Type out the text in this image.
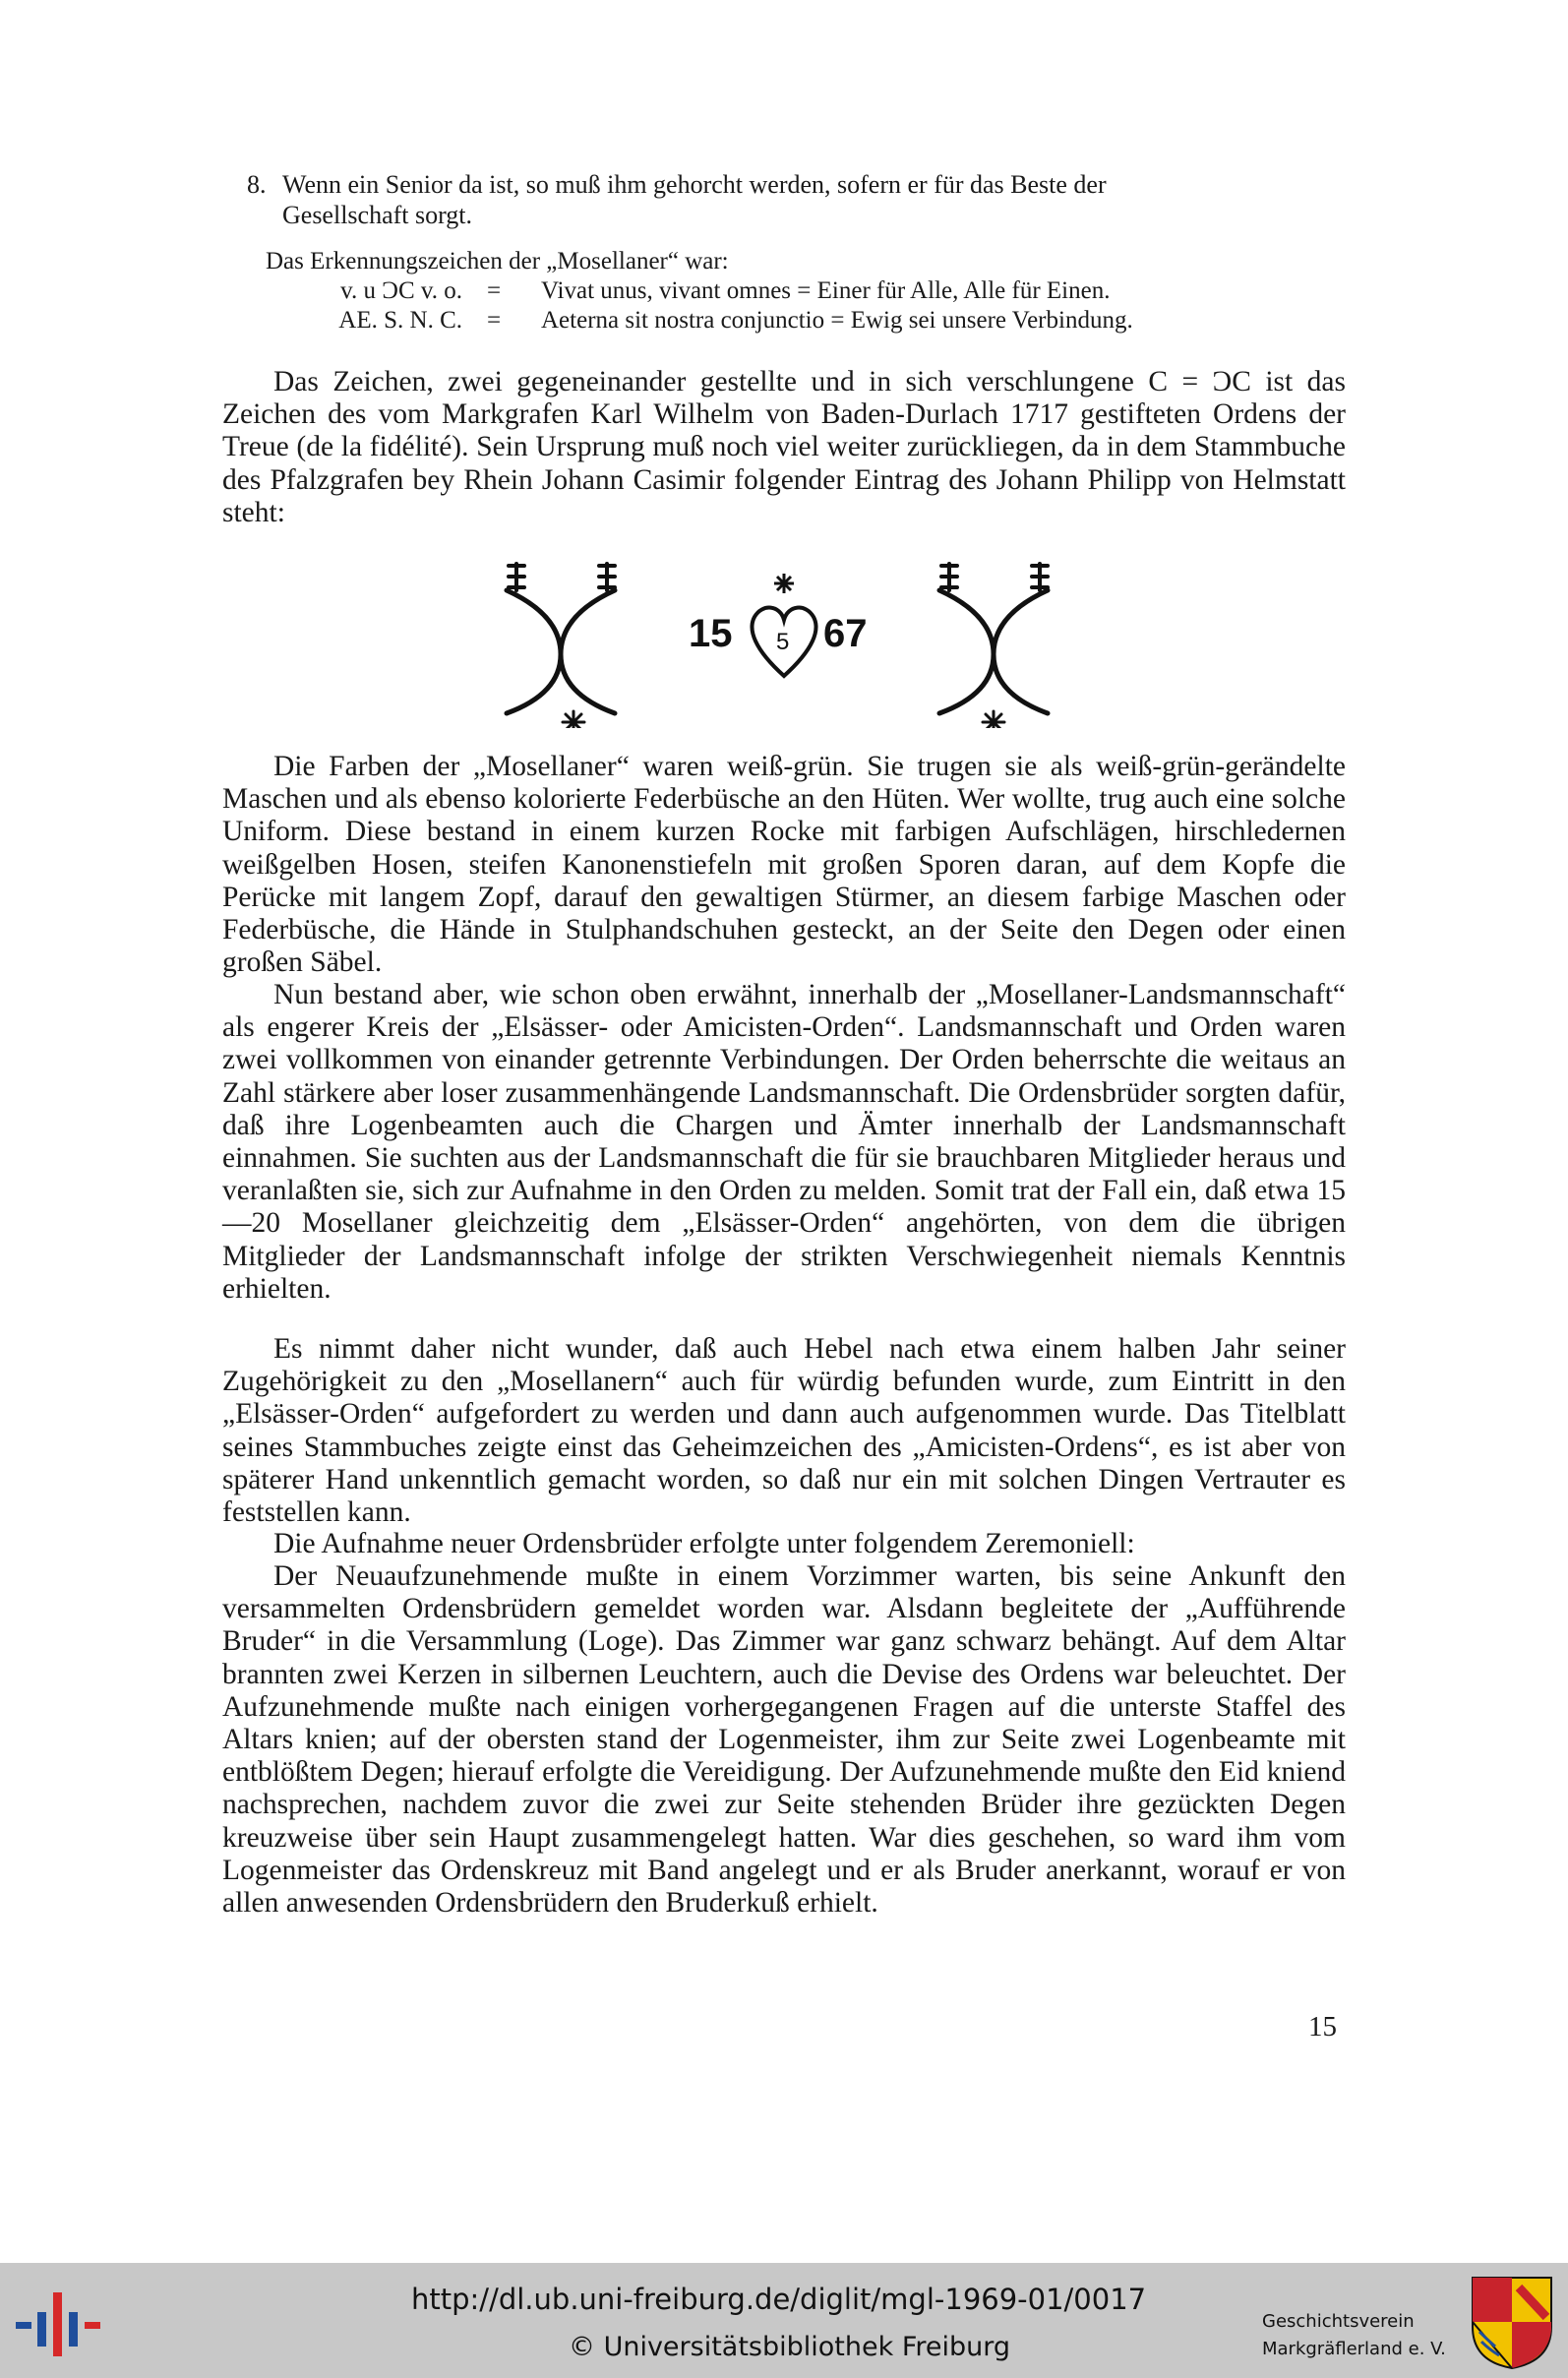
8. Wenn ein Senior da ist, so muß ihm gehorcht werden, sofern er für das Beste der
Gesellschaft sorgt.
Das Erkennungszeichen der „Mosellaner“ war:
v. u ƆC v. o. = Vivat unus, vivant omnes = Einer für Alle, Alle für Einen.
AE. S. N. C. = Aeterna sit nostra conjunctio = Ewig sei unsere Verbindung.

Das Zeichen, zwei gegeneinander gestellte und in sich verschlungene C = ƆC ist das Zeichen des vom Markgrafen Karl Wilhelm von Baden-Durlach 1717 gestifteten Ordens der Treue (de la fidélité). Sein Ursprung muß noch viel weiter zurückliegen, da in dem Stammbuche des Pfalzgrafen bey Rhein Johann Casimir folgender Eintrag des Johann Philipp von Helmstatt steht:

15 5 67

Die Farben der „Mosellaner“ waren weiß-grün. Sie trugen sie als weiß-grün-gerändelte Maschen und als ebenso kolorierte Federbüsche an den Hüten. Wer wollte, trug auch eine solche Uniform. Diese bestand in einem kurzen Rocke mit farbigen Aufschlägen, hirschledernen weißgelben Hosen, steifen Kanonenstiefeln mit großen Sporen daran, auf dem Kopfe die Perücke mit langem Zopf, darauf den gewaltigen Stürmer, an diesem farbige Maschen oder Federbüsche, die Hände in Stulphandschuhen gesteckt, an der Seite den Degen oder einen großen Säbel.

Nun bestand aber, wie schon oben erwähnt, innerhalb der „Mosellaner-Landsmannschaft“ als engerer Kreis der „Elsässer- oder Amicisten-Orden“. Landsmannschaft und Orden waren zwei vollkommen von einander getrennte Verbindungen. Der Orden beherrschte die weitaus an Zahl stärkere aber loser zusammenhängende Landsmannschaft. Die Ordensbrüder sorgten dafür, daß ihre Logenbeamten auch die Chargen und Ämter innerhalb der Landsmannschaft einnahmen. Sie suchten aus der Landsmannschaft die für sie brauchbaren Mitglieder heraus und veranlaßten sie, sich zur Aufnahme in den Orden zu melden. Somit trat der Fall ein, daß etwa 15—20 Mosellaner gleichzeitig dem „Elsässer-Orden“ angehörten, von dem die übrigen Mitglieder der Landsmannschaft infolge der strikten Verschwiegenheit niemals Kenntnis erhielten.

Es nimmt daher nicht wunder, daß auch Hebel nach etwa einem halben Jahr seiner Zugehörigkeit zu den „Mosellanern“ auch für würdig befunden wurde, zum Eintritt in den „Elsässer-Orden“ aufgefordert zu werden und dann auch aufgenommen wurde. Das Titelblatt seines Stammbuches zeigte einst das Geheimzeichen des „Amicisten-Ordens“, es ist aber von späterer Hand unkenntlich gemacht worden, so daß nur ein mit solchen Dingen Vertrauter es feststellen kann.

Die Aufnahme neuer Ordensbrüder erfolgte unter folgendem Zeremoniell:

Der Neuaufzunehmende mußte in einem Vorzimmer warten, bis seine Ankunft den versammelten Ordensbrüdern gemeldet worden war. Alsdann begleitete der „Aufführende Bruder“ in die Versammlung (Loge). Das Zimmer war ganz schwarz behängt. Auf dem Altar brannten zwei Kerzen in silbernen Leuchtern, auch die Devise des Ordens war beleuchtet. Der Aufzunehmende mußte nach einigen vorhergegangenen Fragen auf die unterste Staffel des Altars knien; auf der obersten stand der Logenmeister, ihm zur Seite zwei Logenbeamte mit entblößtem Degen; hierauf erfolgte die Vereidigung. Der Aufzunehmende mußte den Eid kniend nachsprechen, nachdem zuvor die zwei zur Seite stehenden Brüder ihre gezückten Degen kreuzweise über sein Haupt zusammengelegt hatten. War dies geschehen, so ward ihm vom Logenmeister das Ordenskreuz mit Band angelegt und er als Bruder anerkannt, worauf er von allen anwesenden Ordensbrüdern den Bruderkuß erhielt.

15
http://dl.ub.uni-freiburg.de/diglit/mgl-1969-01/0017
© Universitätsbibliothek Freiburg
Geschichtsverein
Markgräflerland e. V.
